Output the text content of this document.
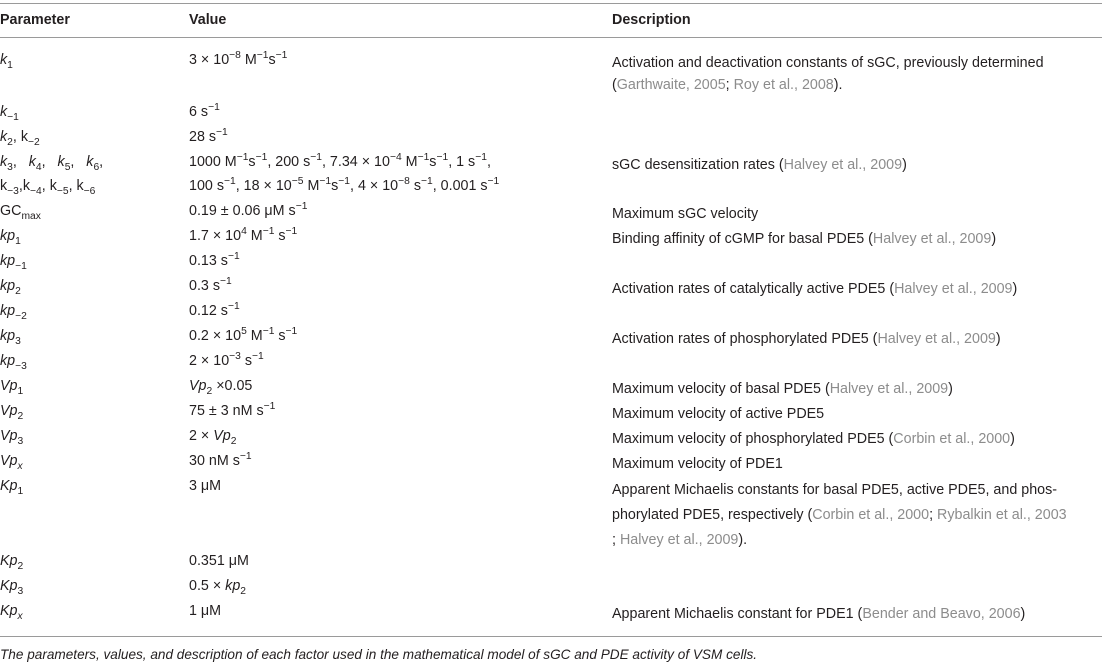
Parameter	Value	Description
$k_1$	$3 \times 10^{-8}$ $M^{-1}s^{-1}$	Activation and deactivation constants of sGC, previously determined
(Garthwaite, 2005; Roy et al., 2008).
$k_{-1}$	6 $s^{-1}$
$k_2$, $k_{-2}$	28 $s^{-1}$
$k_3$,   $k_4$,   $k_5$,   $k_6$,	1000 $M^{-1}s^{-1}$, 200 $s^{-1}$, $7.34 \times 10^{-4}$ $M^{-1}s^{-1}$, 1 $s^{-1}$,	sGC desensitization rates (Halvey et al., 2009)
$k_{-3},k_{-4}$, $k_{-5}$, $k_{-6}$	100 $s^{-1}$, $18 \times 10^{-5}$ $M^{-1}s^{-1}$, $4 \times 10^{-8}$ $s^{-1}$, 0.001 $s^{-1}$
$GC_{max}$	0.19 ± 0.06 μM $s^{-1}$	Maximum sGC velocity
$kp_1$	$1.7 \times 10^4$ $M^{-1}$ $s^{-1}$	Binding affinity of cGMP for basal PDE5 (Halvey et al., 2009)
$kp_{-1}$	0.13 $s^{-1}$
$kp_2$	0.3 $s^{-1}$	Activation rates of catalytically active PDE5 (Halvey et al., 2009)
$kp_{-2}$	0.12 $s^{-1}$
$kp_3$	$0.2 \times 10^5$ $M^{-1}$ $s^{-1}$	Activation rates of phosphorylated PDE5 (Halvey et al., 2009)
$kp_{-3}$	$2 \times 10^{-3}$ $s^{-1}$
$Vp_1$	$Vp_2 \times 0.05$	Maximum velocity of basal PDE5 (Halvey et al., 2009)
$Vp_2$	75 ± 3 nM $s^{-1}$	Maximum velocity of active PDE5
$Vp_3$	$2 \times Vp_2$	Maximum velocity of phosphorylated PDE5 (Corbin et al., 2000)
$Vp_x$	30 nM $s^{-1}$	Maximum velocity of PDE1
$Kp_1$	3 μM	Apparent Michaelis constants for basal PDE5, active PDE5, and phos-
phorylated PDE5, respectively (Corbin et al., 2000; Rybalkin et al., 2003
; Halvey et al., 2009).
$Kp_2$	0.351 μM
$Kp_3$	$0.5 \times kp_2$
$Kp_x$	1 μM	Apparent Michaelis constant for PDE1 (Bender and Beavo, 2006)
The parameters, values, and description of each factor used in the mathematical model of sGC and PDE activity of VSM cells.
